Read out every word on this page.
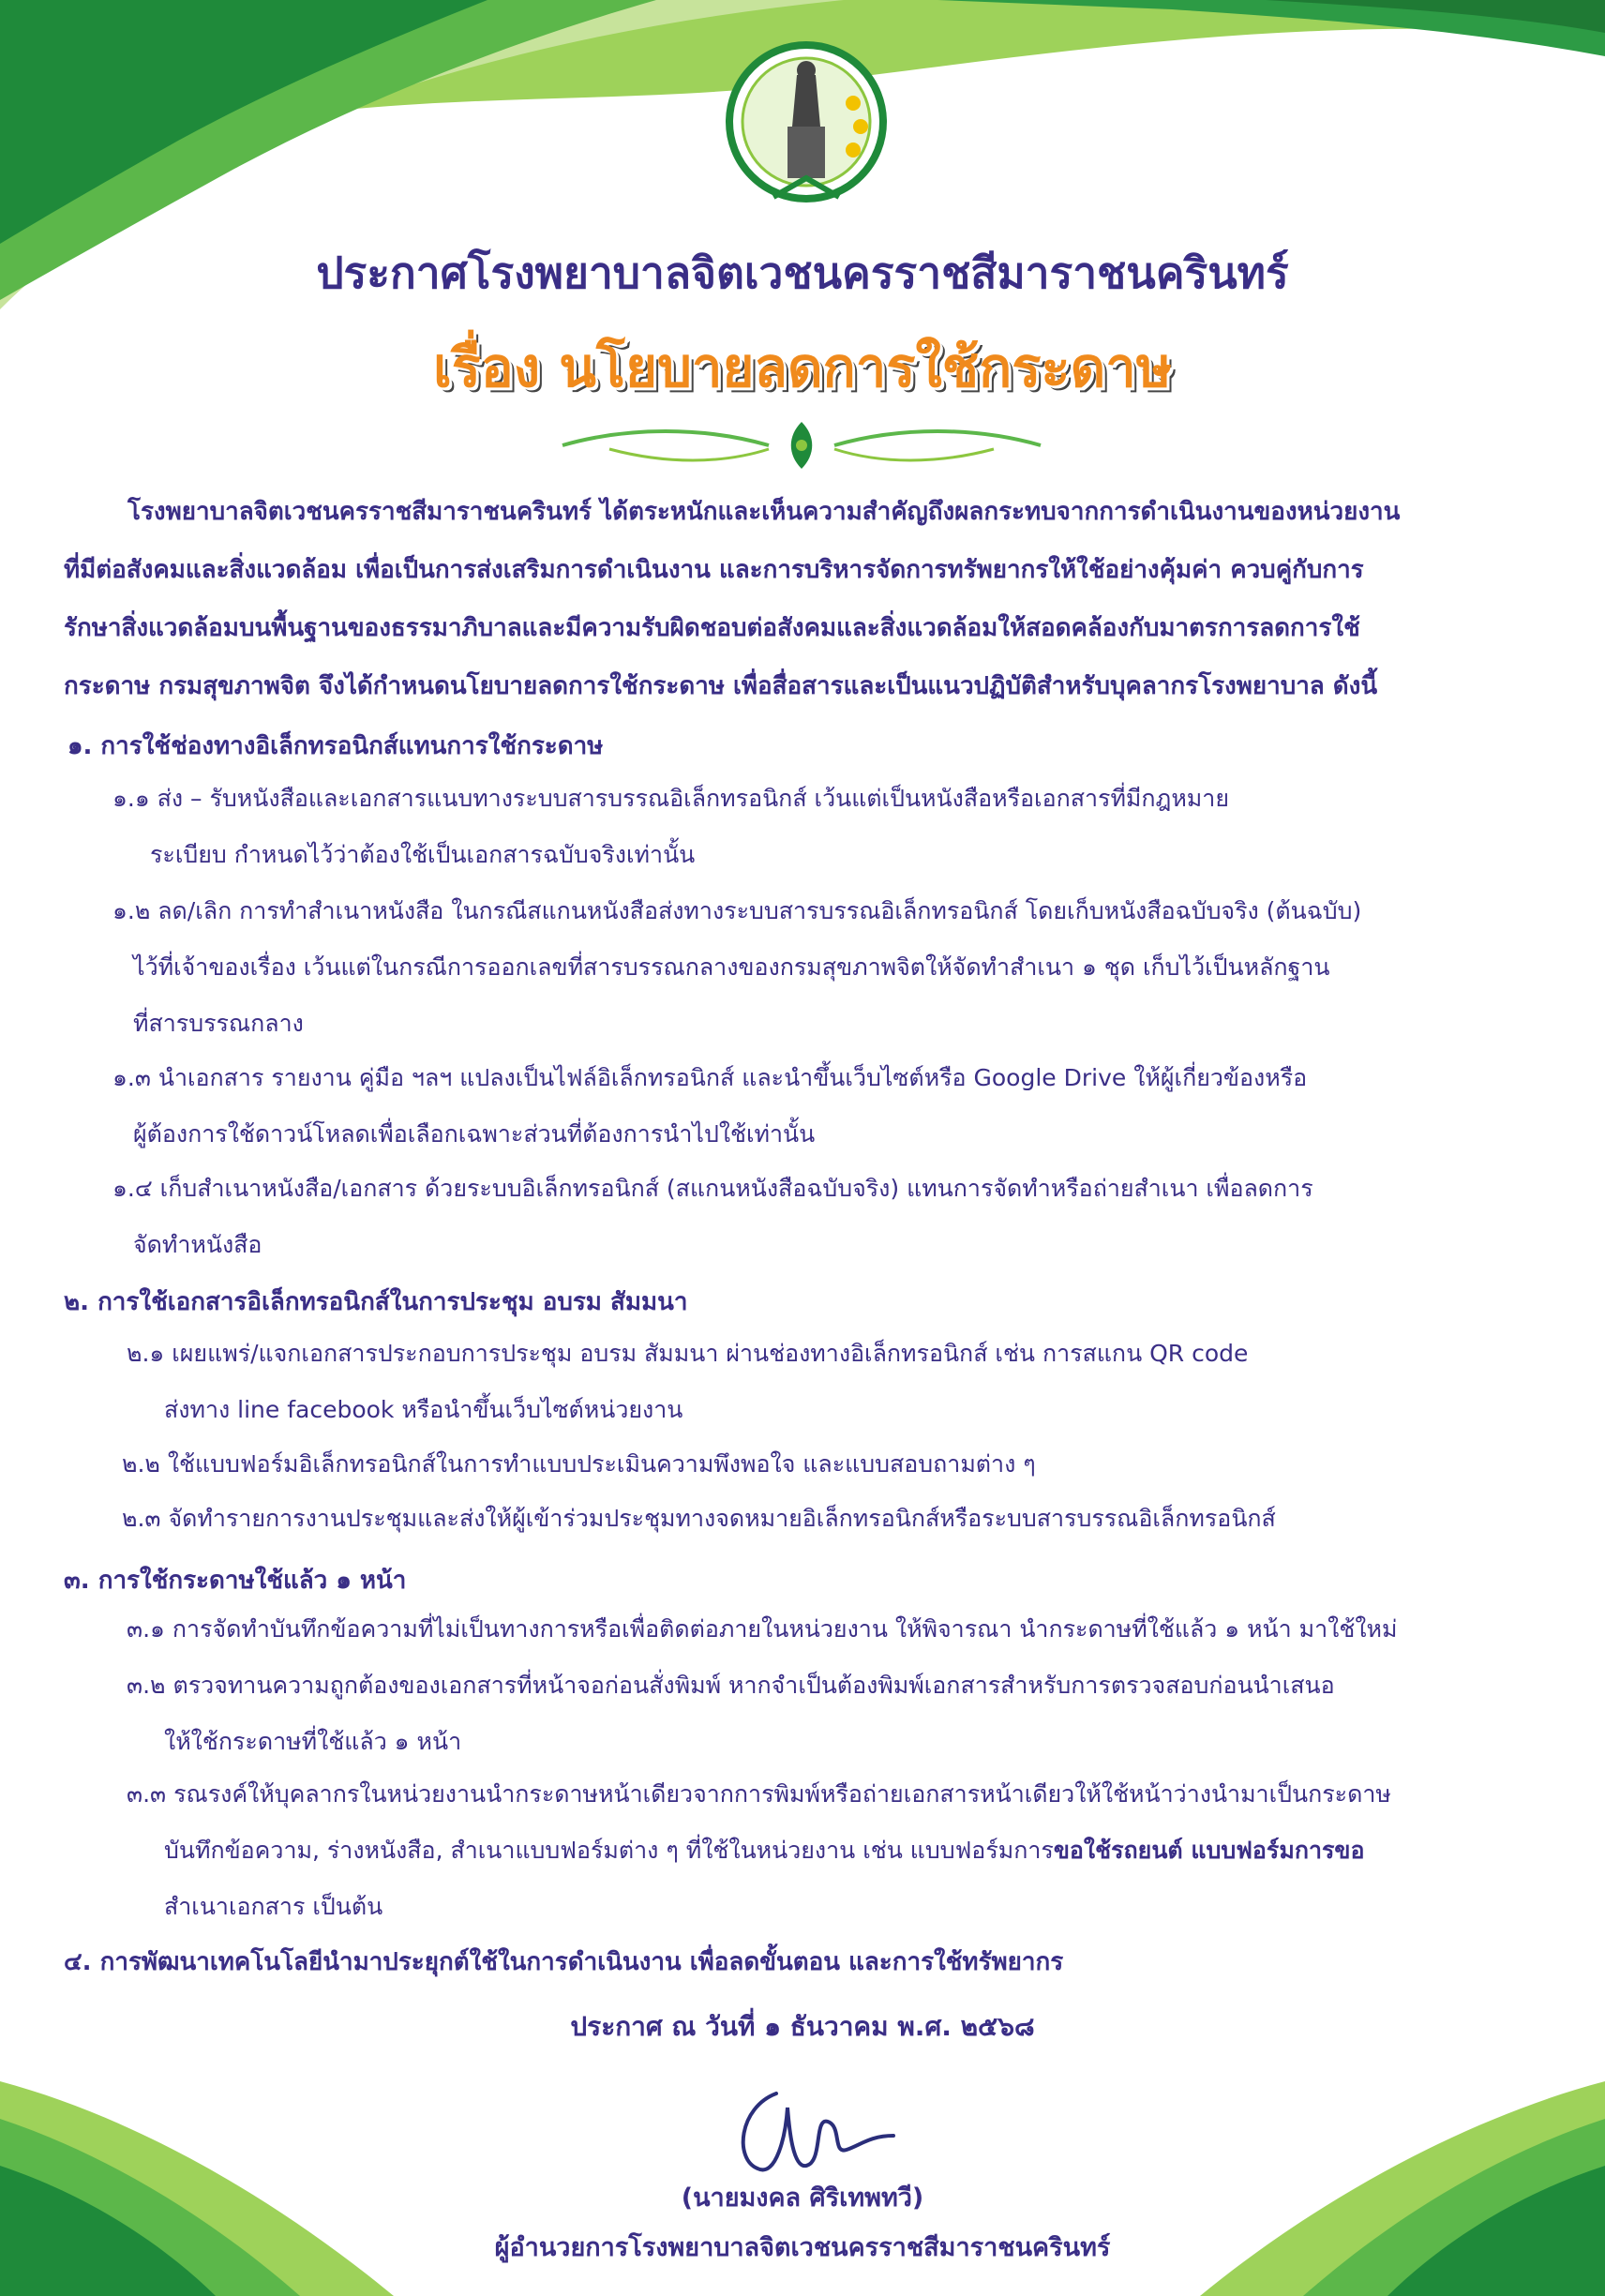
ประกาศโรงพยาบาลจิตเวชนครราชสีมาราชนครินทร์
เรื่อง นโยบายลดการใช้กระดาษ
โรงพยาบาลจิตเวชนครราชสีมาราชนครินทร์ ได้ตระหนักและเห็นความสำคัญถึงผลกระทบจากการดำเนินงานของหน่วยงาน
ที่มีต่อสังคมและสิ่งแวดล้อม เพื่อเป็นการส่งเสริมการดำเนินงาน และการบริหารจัดการทรัพยากรให้ใช้อย่างคุ้มค่า ควบคู่กับการ
รักษาสิ่งแวดล้อมบนพื้นฐานของธรรมาภิบาลและมีความรับผิดชอบต่อสังคมและสิ่งแวดล้อมให้สอดคล้องกับมาตรการลดการใช้
กระดาษ กรมสุขภาพจิต จึงได้กำหนดนโยบายลดการใช้กระดาษ เพื่อสื่อสารและเป็นแนวปฏิบัติสำหรับบุคลากรโรงพยาบาล ดังนี้
๑. การใช้ช่องทางอิเล็กทรอนิกส์แทนการใช้กระดาษ
๑.๑ ส่ง – รับหนังสือและเอกสารแนบทางระบบสารบรรณอิเล็กทรอนิกส์ เว้นแต่เป็นหนังสือหรือเอกสารที่มีกฎหมาย
ระเบียบ กำหนดไว้ว่าต้องใช้เป็นเอกสารฉบับจริงเท่านั้น
๑.๒ ลด/เลิก การทำสำเนาหนังสือ ในกรณีสแกนหนังสือส่งทางระบบสารบรรณอิเล็กทรอนิกส์ โดยเก็บหนังสือฉบับจริง (ต้นฉบับ)
ไว้ที่เจ้าของเรื่อง เว้นแต่ในกรณีการออกเลขที่สารบรรณกลางของกรมสุขภาพจิตให้จัดทำสำเนา ๑ ชุด เก็บไว้เป็นหลักฐาน
ที่สารบรรณกลาง
๑.๓ นำเอกสาร รายงาน คู่มือ ฯลฯ แปลงเป็นไฟล์อิเล็กทรอนิกส์ และนำขึ้นเว็บไซต์หรือ Google Drive ให้ผู้เกี่ยวข้องหรือ
ผู้ต้องการใช้ดาวน์โหลดเพื่อเลือกเฉพาะส่วนที่ต้องการนำไปใช้เท่านั้น
๑.๔ เก็บสำเนาหนังสือ/เอกสาร ด้วยระบบอิเล็กทรอนิกส์ (สแกนหนังสือฉบับจริง) แทนการจัดทำหรือถ่ายสำเนา เพื่อลดการ
จัดทำหนังสือ
๒. การใช้เอกสารอิเล็กทรอนิกส์ในการประชุม อบรม สัมมนา
๒.๑ เผยแพร่/แจกเอกสารประกอบการประชุม อบรม สัมมนา ผ่านช่องทางอิเล็กทรอนิกส์ เช่น การสแกน QR code
ส่งทาง line facebook หรือนำขึ้นเว็บไซต์หน่วยงาน
๒.๒ ใช้แบบฟอร์มอิเล็กทรอนิกส์ในการทำแบบประเมินความพึงพอใจ และแบบสอบถามต่าง ๆ
๒.๓ จัดทำรายการงานประชุมและส่งให้ผู้เข้าร่วมประชุมทางจดหมายอิเล็กทรอนิกส์หรือระบบสารบรรณอิเล็กทรอนิกส์
๓. การใช้กระดาษใช้แล้ว ๑ หน้า
๓.๑ การจัดทำบันทึกข้อความที่ไม่เป็นทางการหรือเพื่อติดต่อภายในหน่วยงาน ให้พิจารณา นำกระดาษที่ใช้แล้ว ๑ หน้า มาใช้ใหม่
๓.๒ ตรวจทานความถูกต้องของเอกสารที่หน้าจอก่อนสั่งพิมพ์ หากจำเป็นต้องพิมพ์เอกสารสำหรับการตรวจสอบก่อนนำเสนอ
ให้ใช้กระดาษที่ใช้แล้ว ๑ หน้า
๓.๓ รณรงค์ให้บุคลากรในหน่วยงานนำกระดาษหน้าเดียวจากการพิมพ์หรือถ่ายเอกสารหน้าเดียวให้ใช้หน้าว่างนำมาเป็นกระดาษ
บันทึกข้อความ, ร่างหนังสือ, สำเนาแบบฟอร์มต่าง ๆ ที่ใช้ในหน่วยงาน เช่น แบบฟอร์มการขอใช้รถยนต์ แบบฟอร์มการขอ
สำเนาเอกสาร เป็นต้น
๔. การพัฒนาเทคโนโลยีนำมาประยุกต์ใช้ในการดำเนินงาน เพื่อลดขั้นตอน และการใช้ทรัพยากร
ประกาศ ณ วันที่ ๑ ธันวาคม พ.ศ. ๒๕๖๘
(นายมงคล ศิริเทพทวี)
ผู้อำนวยการโรงพยาบาลจิตเวชนครราชสีมาราชนครินทร์
